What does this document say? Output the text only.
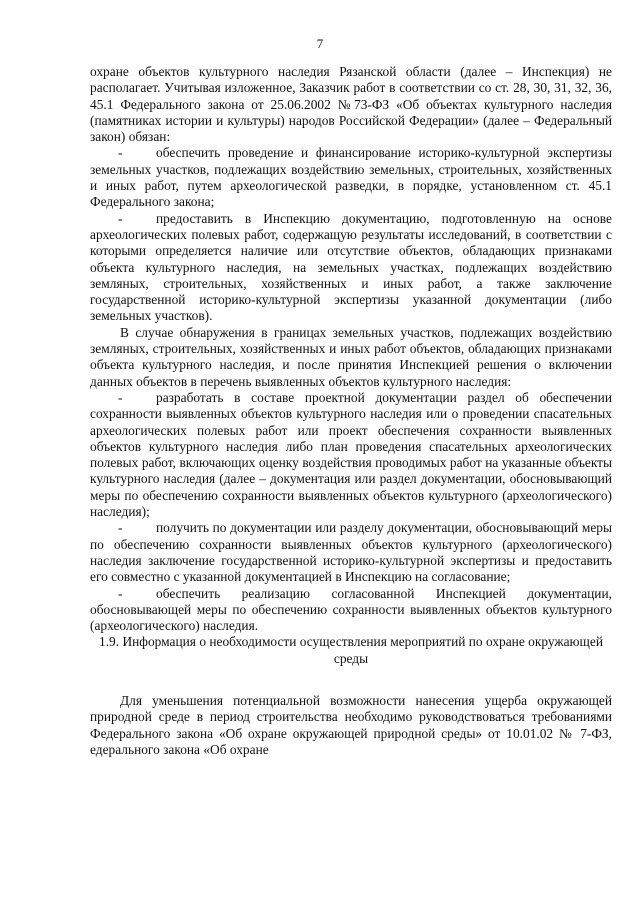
7

охране объектов культурного наследия Рязанской области (далее – Инспекция) не располагает. Учитывая изложенное, Заказчик работ в соответствии со ст. 28, 30, 31, 32, 36, 45.1 Федерального закона от 25.06.2002 №73-ФЗ «Об объектах культурного наследия (памятниках истории и культуры) народов Российской Федерации» (далее – Федеральный закон) обязан:

-	обеспечить проведение и финансирование историко-культурной экспертизы земельных участков, подлежащих воздействию земельных, строительных, хозяйственных и иных работ, путем археологической разведки, в порядке, установленном ст. 45.1 Федерального закона;

-	предоставить в Инспекцию документацию, подготовленную на основе археологических полевых работ, содержащую результаты исследований, в соответствии с которыми определяется наличие или отсутствие объектов, обладающих признаками объекта культурного наследия, на земельных участках, подлежащих воздействию земляных, строительных, хозяйственных и иных работ, а также заключение государственной историко-культурной экспертизы указанной документации (либо земельных участков).

В случае обнаружения в границах земельных участков, подлежащих воздействию земляных, строительных, хозяйственных и иных работ объектов, обладающих признаками объекта культурного наследия, и после принятия Инспекцией решения о включении данных объектов в перечень выявленных объектов культурного наследия:

-	разработать в составе проектной документации раздел об обеспечении сохранности выявленных объектов культурного наследия или о проведении спасательных археологических полевых работ или проект обеспечения сохранности выявленных объектов культурного наследия либо план проведения спасательных археологических полевых работ, включающих оценку воздействия проводимых работ на указанные объекты культурного наследия (далее – документация или раздел документации, обосновывающий меры по обеспечению сохранности выявленных объектов культурного (археологического) наследия);

-	получить по документации или разделу документации, обосновывающий меры по обеспечению сохранности выявленных объектов культурного (археологического) наследия заключение государственной историко-культурной экспертизы и предоставить его совместно с указанной документацией в Инспекцию на согласование;

-	обеспечить реализацию согласованной Инспекцией документации, обосновывающей меры по обеспечению сохранности выявленных объектов культурного (археологического) наследия.

1.9. Информация о необходимости осуществления мероприятий по охране окружающей среды

Для уменьшения потенциальной возможности нанесения ущерба окружающей природной среде в период строительства необходимо руководствоваться требованиями Федерального закона «Об охране окружающей природной среды» от 10.01.02 № 7-ФЗ, едерального закона «Об охране
